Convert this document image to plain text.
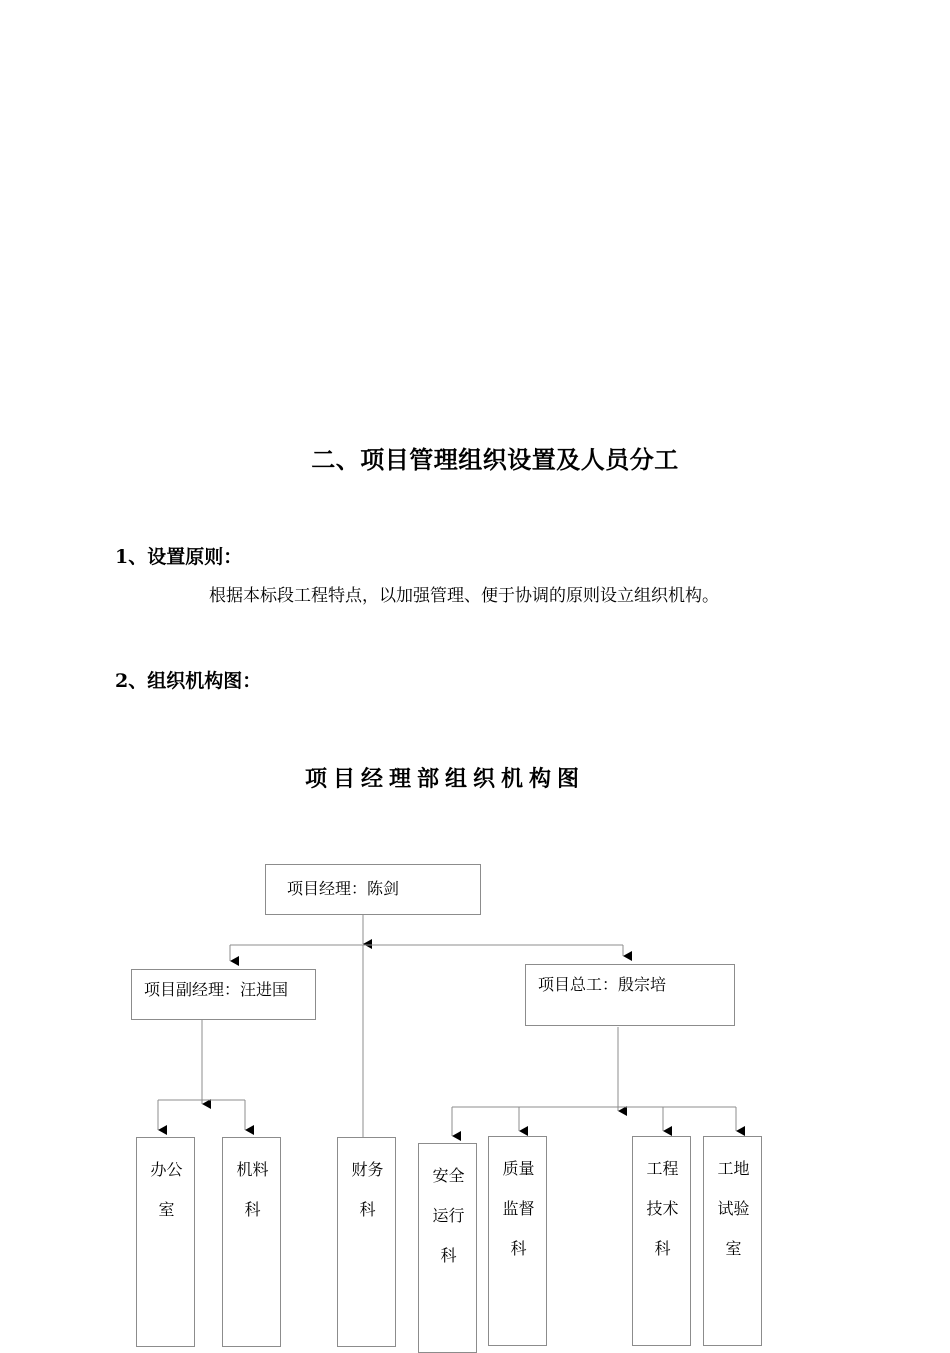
二、项目管理组织设置及人员分工
1、设置原则：
根据本标段工程特点，以加强管理、便于协调的原则设立组织机构。
2、组织机构图：
项目经理部组织机构图
项目经理：陈剑
项目副经理：汪进国	项目总工：殷宗培
办公
室
机料
科
财务
科
安全
运行
科
质量
监督
科
工程
技术
科
工地
试验
室
